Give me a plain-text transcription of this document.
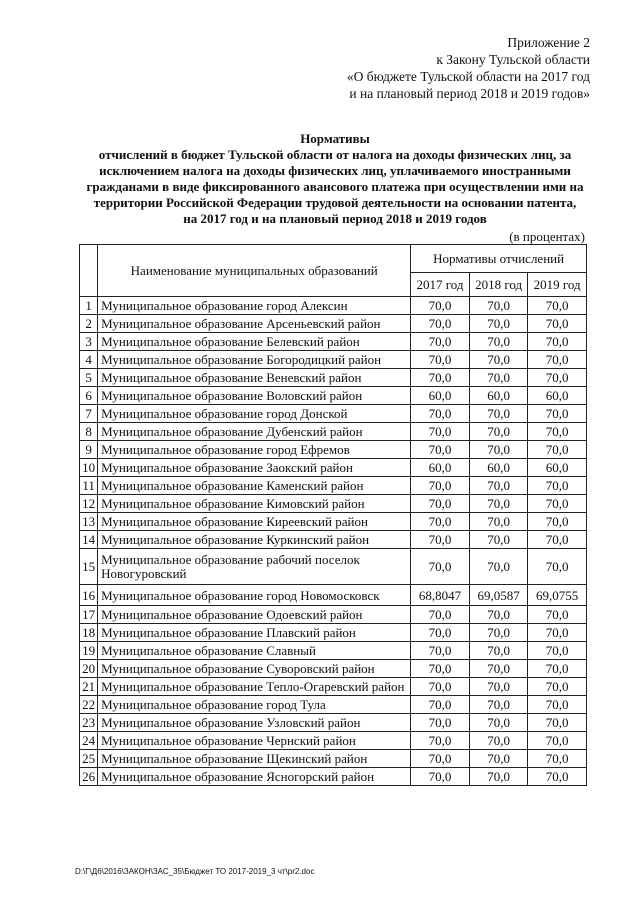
Приложение 2
к Закону Тульской области
«О бюджете Тульской области на 2017 год
и на плановый период 2018 и 2019 годов»
Нормативы
отчислений в бюджет Тульской области от налога на доходы физических лиц, за
исключением налога на доходы физических лиц, уплачиваемого иностранными
гражданами в виде фиксированного авансового платежа при осуществлении ими на
территории Российской Федерации трудовой деятельности на основании патента,
на 2017 год и на плановый период 2018 и 2019 годов
(в процентах)
	Наименование муниципальных образований	Нормативы отчислений		
		2017 год	2018 год	2019 год
1	Муниципальное образование город Алексин	70,0	70,0	70,0
2	Муниципальное образование Арсеньевский район	70,0	70,0	70,0
3	Муниципальное образование Белевский район	70,0	70,0	70,0
4	Муниципальное образование Богородицкий район	70,0	70,0	70,0
5	Муниципальное образование Веневский район	70,0	70,0	70,0
6	Муниципальное образование Воловский район	60,0	60,0	60,0
7	Муниципальное образование город Донской	70,0	70,0	70,0
8	Муниципальное образование Дубенский район	70,0	70,0	70,0
9	Муниципальное образование город Ефремов	70,0	70,0	70,0
10	Муниципальное образование Заокский район	60,0	60,0	60,0
11	Муниципальное образование Каменский район	70,0	70,0	70,0
12	Муниципальное образование Кимовский район	70,0	70,0	70,0
13	Муниципальное образование Киреевский район	70,0	70,0	70,0
14	Муниципальное образование Куркинский район	70,0	70,0	70,0
15	Муниципальное образование рабочий поселок Новогуровский	70,0	70,0	70,0
16	Муниципальное образование город Новомосковск	68,8047	69,0587	69,0755
17	Муниципальное образование Одоевский район	70,0	70,0	70,0
18	Муниципальное образование Плавский район	70,0	70,0	70,0
19	Муниципальное образование Славный	70,0	70,0	70,0
20	Муниципальное образование Суворовский район	70,0	70,0	70,0
21	Муниципальное образование Тепло-Огаревский район	70,0	70,0	70,0
22	Муниципальное образование город Тула	70,0	70,0	70,0
23	Муниципальное образование Узловский район	70,0	70,0	70,0
24	Муниципальное образование Чернский район	70,0	70,0	70,0
25	Муниципальное образование Щекинский район	70,0	70,0	70,0
26	Муниципальное образование Ясногорский район	70,0	70,0	70,0
D:\Г\Д6\2016\ЗАКОН\ЗАС_35\Бюджет ТО 2017-2019_3 чт\pr2.doc
